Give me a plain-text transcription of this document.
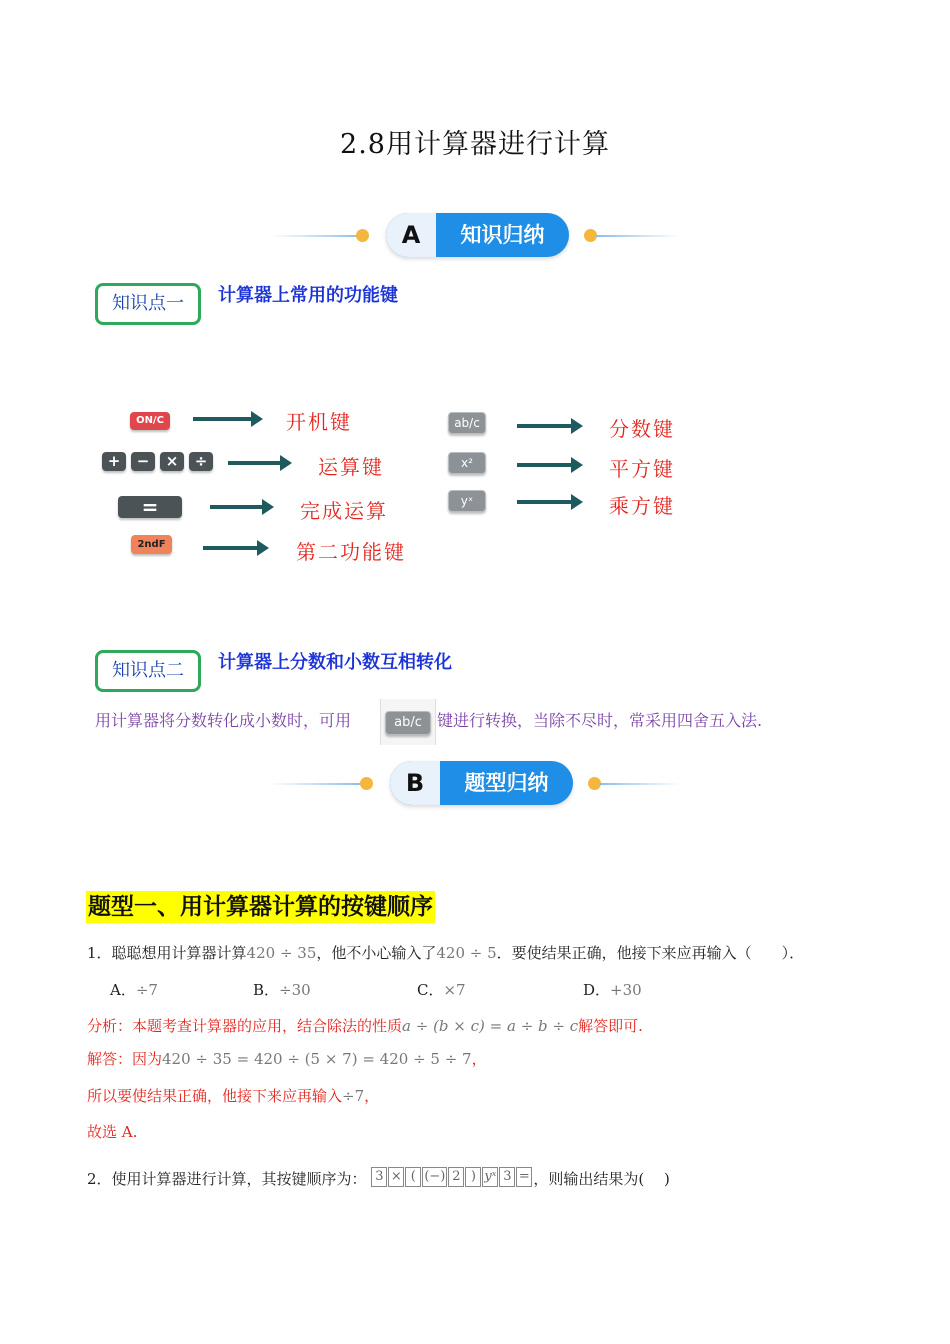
2.8用计算器进行计算
A	知识归纳
知识点一	计算器上常用的功能键
ON/C	开机键
+	−	×	÷	运算键
=	完成运算
2ndF	第二功能键
ab/c	分数键
x²	平方键
yˣ	乘方键
知识点二	计算器上分数和小数互相转化
用计算器将分数转化成小数时，可用	ab/c 键进行转换，当除不尽时，常采用四舍五入法.
B	题型归纳
题型一、用计算器计算的按键顺序
1．聪聪想用计算器计算420 ÷ 35，他不小心输入了420 ÷ 5．要使结果正确，他接下来应再输入（　　）．
A．÷7	B．÷30	C．×7	D．+30
分析：本题考查计算器的应用，结合除法的性质a ÷ (b × c) = a ÷ b ÷ c解答即可.
解答：因为420 ÷ 35 = 420 ÷ (5 × 7) = 420 ÷ 5 ÷ 7，
所以要使结果正确，他接下来应再输入÷7，
故选 A.
2．使用计算器进行计算，其按键顺序为： 3 × ( (−) 2 ) yˣ 3 = ，则输出结果为(　 )
